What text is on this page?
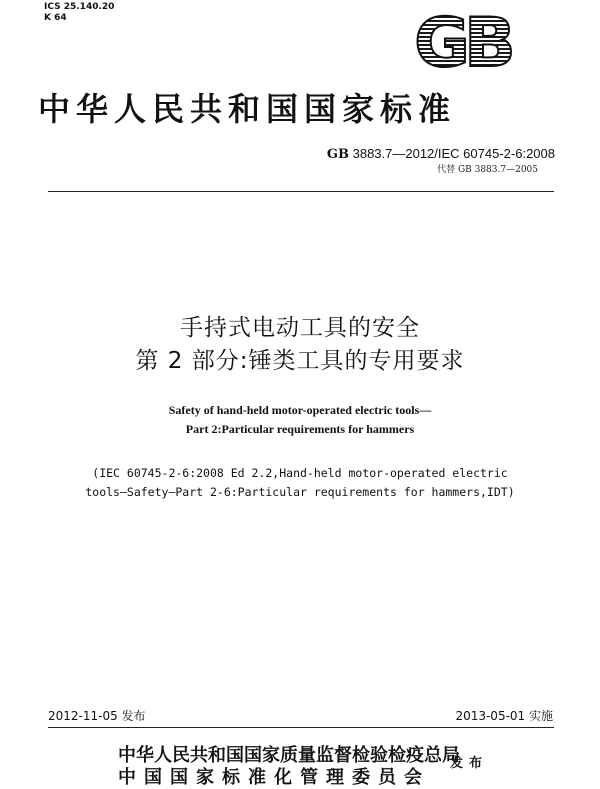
ICS 25.140.20
K 64	GB
中华人民共和国国家标准
GB 3883.7—2012/IEC 60745-2-6:2008
代替 GB 3883.7—2005
手持式电动工具的安全
第 2 部分:锤类工具的专用要求
Safety of hand-held motor-operated electric tools—
Part 2:Particular requirements for hammers
(IEC 60745-2-6:2008 Ed 2.2,Hand-held motor-operated electric
tools—Safety—Part 2-6:Particular requirements for hammers,IDT)
2012-11-05 发布	2013-05-01 实施
中华人民共和国国家质量监督检验检疫总局
中国国家标准化管理委员会
发布
